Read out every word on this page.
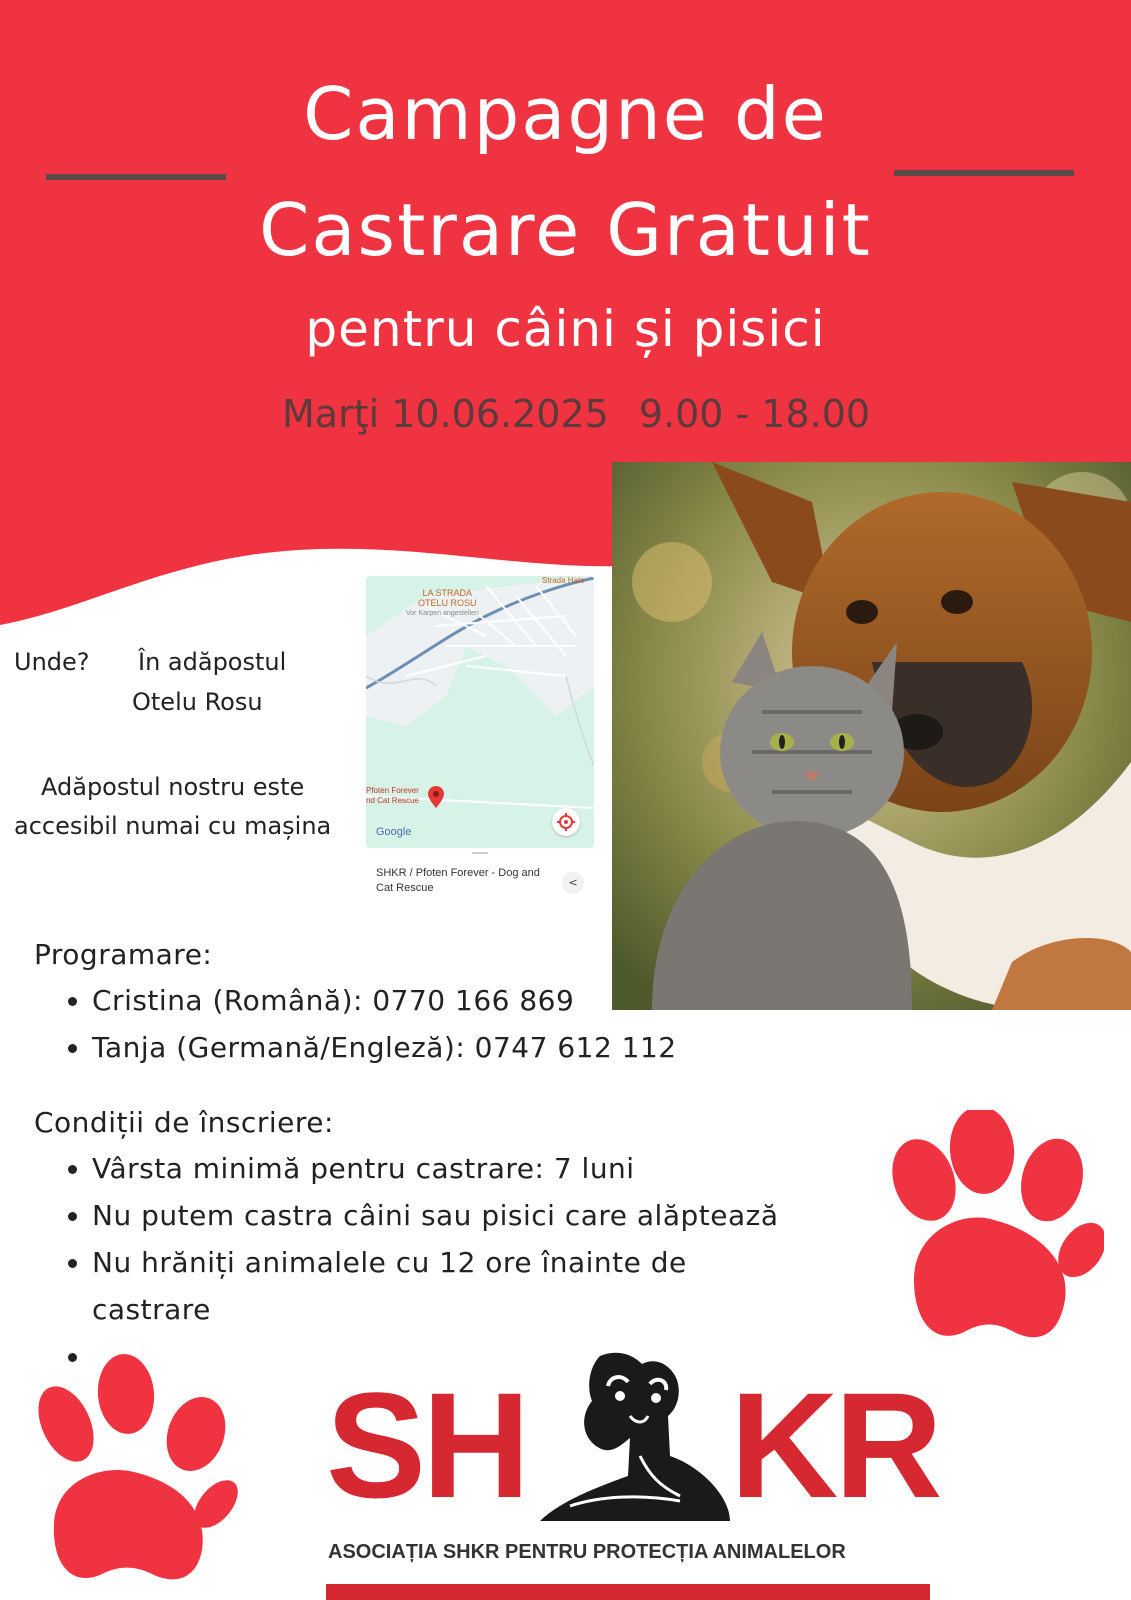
Campagne de
Castrare Gratuit
pentru câini și pisici
Marţi 10.06.2025 9.00 - 18.00
Unde? În adăpostul
Otelu Rosu
Adăpostul nostru este
accesibil numai cu mașina
LA STRADA
OTELU ROSU
Vor Karpen angestellen
Strada Hate
Pfoten Forever
nd Cat Rescue
Google
SHKR / Pfoten Forever - Dog and Cat Rescue	<
Programare:
• Cristina (Română): 0770 166 869
• Tanja (Germană/Engleză): 0747 612 112
Condiții de înscriere:
• Vârsta minimă pentru castrare: 7 luni
• Nu putem castra câini sau pisici care alăptează
• Nu hrăniți animalele cu 12 ore înainte de castrare
•
SH KR
ASOCIAȚIA SHKR PENTRU PROTECȚIA ANIMALELOR
